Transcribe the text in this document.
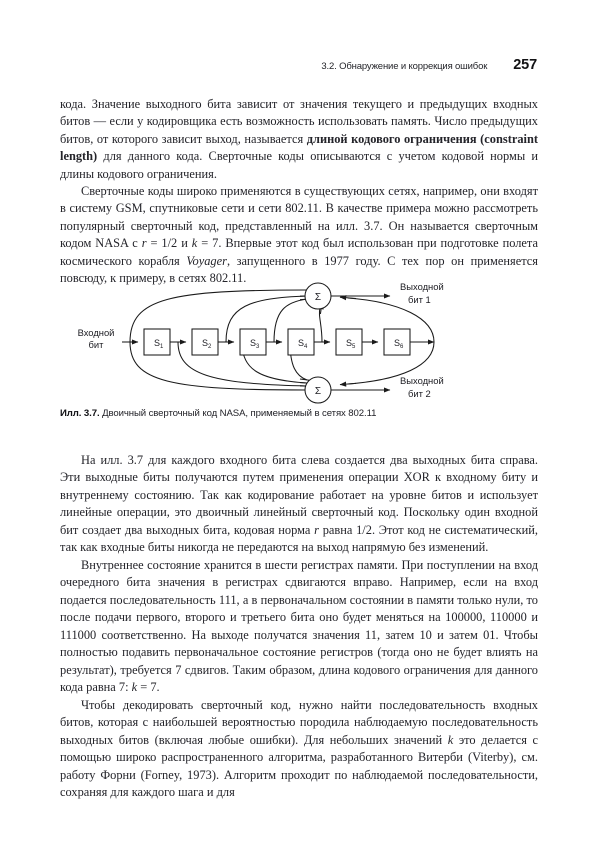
3.2. Обнаружение и коррекция ошибок 257

кода. Значение выходного бита зависит от значения текущего и предыдущих входных битов — если у кодировщика есть возможность использовать память. Число предыдущих битов, от которого зависит выход, называется длиной кодового ограничения (constraint length) для данного кода. Сверточные коды описываются с учетом кодовой нормы и длины кодового ограничения.

Сверточные коды широко применяются в существующих сетях, например, они входят в систему GSM, спутниковые сети и сети 802.11. В качестве примера можно рассмотреть популярный сверточный код, представленный на илл. 3.7. Он называется сверточным кодом NASA c r = 1/2 и k = 7. Впервые этот код был использован при подготовке полета космического корабля Voyager, запущенного в 1977 году. С тех пор он применяется повсюду, к примеру, в сетях 802.11.

Σ
Σ
S 1	S 2	S 3	S 4	S 5	S 6
Входной
бит
Выходной
бит 1
Выходной
бит 2
Илл. 3.7. Двоичный сверточный код NASA, применяемый в сетях 802.11

На илл. 3.7 для каждого входного бита слева создается два выходных бита справа. Эти выходные биты получаются путем применения операции XOR к входному биту и внутреннему состоянию. Так как кодирование работает на уровне битов и использует линейные операции, это двоичный линейный сверточный код. Поскольку один входной бит создает два выходных бита, кодовая норма r равна 1/2. Этот код не систематический, так как входные биты никогда не передаются на выход напрямую без изменений.

Внутреннее состояние хранится в шести регистрах памяти. При поступлении на вход очередного бита значения в регистрах сдвигаются вправо. Например, если на вход подается последовательность 111, а в первоначальном состоянии в памяти только нули, то после подачи первого, второго и третьего бита оно будет меняться на 100000, 110000 и 111000 соответственно. На выходе получатся значения 11, затем 10 и затем 01. Чтобы полностью подавить первоначальное состояние регистров (тогда оно не будет влиять на результат), требуется 7 сдвигов. Таким образом, длина кодового ограничения для данного кода равна 7: k = 7.

Чтобы декодировать сверточный код, нужно найти последовательность входных битов, которая с наибольшей вероятностью породила наблюдаемую последовательность выходных битов (включая любые ошибки). Для небольших значений k это делается с помощью широко распространенного алгоритма, разработанного Витерби (Viterby), см. работу Форни (Forney, 1973). Алгоритм проходит по наблюдаемой последовательности, сохраняя для каждого шага и для
